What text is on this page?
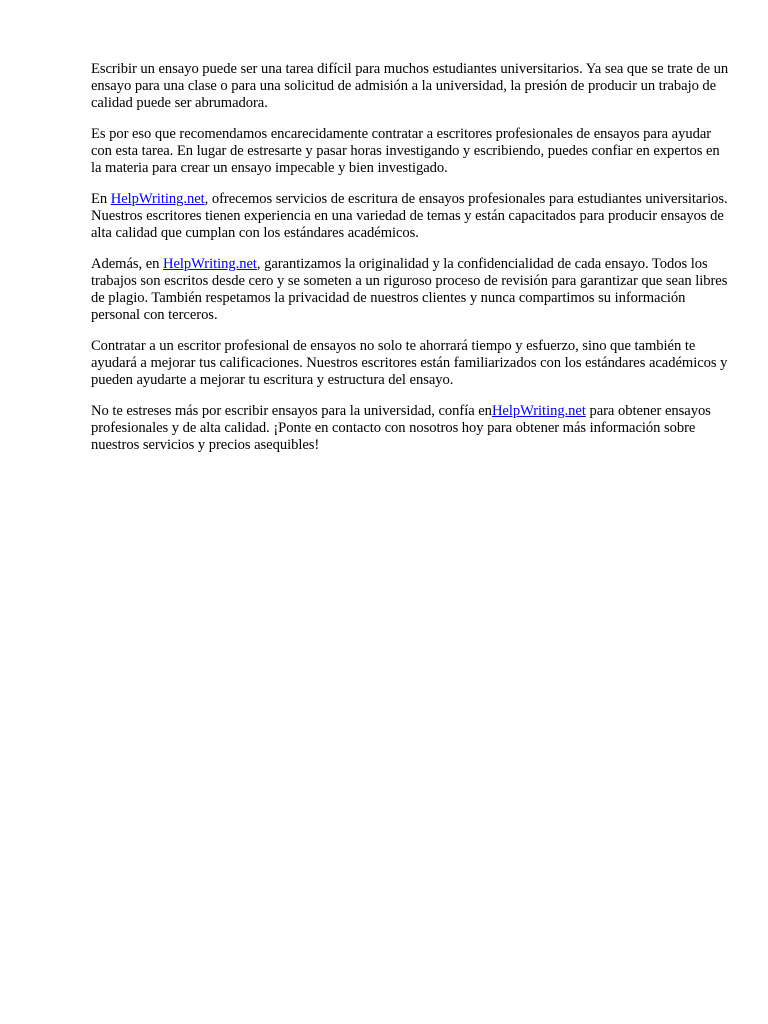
Escribir un ensayo puede ser una tarea difícil para muchos estudiantes universitarios. Ya sea que se trate de un ensayo para una clase o para una solicitud de admisión a la universidad, la presión de producir un trabajo de calidad puede ser abrumadora.

Es por eso que recomendamos encarecidamente contratar a escritores profesionales de ensayos para ayudar con esta tarea. En lugar de estresarte y pasar horas investigando y escribiendo, puedes confiar en expertos en la materia para crear un ensayo impecable y bien investigado.

En HelpWriting.net, ofrecemos servicios de escritura de ensayos profesionales para estudiantes universitarios. Nuestros escritores tienen experiencia en una variedad de temas y están capacitados para producir ensayos de alta calidad que cumplan con los estándares académicos.

Además, en HelpWriting.net, garantizamos la originalidad y la confidencialidad de cada ensayo. Todos los trabajos son escritos desde cero y se someten a un riguroso proceso de revisión para garantizar que sean libres de plagio. También respetamos la privacidad de nuestros clientes y nunca compartimos su información personal con terceros.

Contratar a un escritor profesional de ensayos no solo te ahorrará tiempo y esfuerzo, sino que también te ayudará a mejorar tus calificaciones. Nuestros escritores están familiarizados con los estándares académicos y pueden ayudarte a mejorar tu escritura y estructura del ensayo.

No te estreses más por escribir ensayos para la universidad, confía enHelpWriting.net para obtener ensayos profesionales y de alta calidad. ¡Ponte en contacto con nosotros hoy para obtener más información sobre nuestros servicios y precios asequibles!
